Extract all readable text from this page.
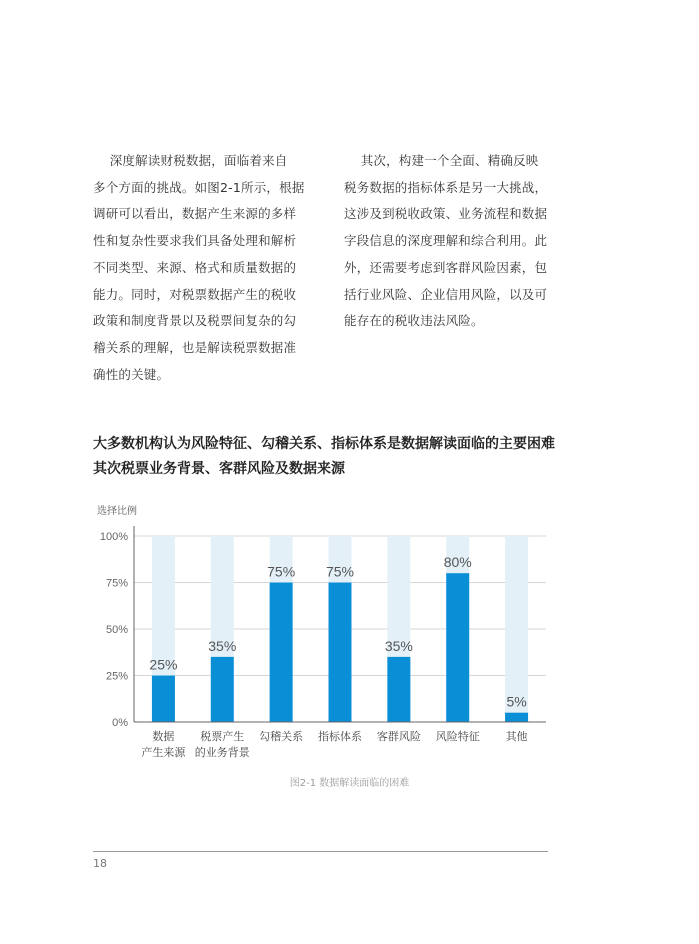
深度解读财税数据，面临着来自

多个方面的挑战。如图2-1所示，根据

调研可以看出，数据产生来源的多样

性和复杂性要求我们具备处理和解析

不同类型、来源、格式和质量数据的

能力。同时，对税票数据产生的税收

政策和制度背景以及税票间复杂的勾

稽关系的理解，也是解读税票数据准

确性的关键。

其次，构建一个全面、精确反映

税务数据的指标体系是另一大挑战，

这涉及到税收政策、业务流程和数据

字段信息的深度理解和综合利用。此

外，还需要考虑到客群风险因素，包

括行业风险、企业信用风险，以及可

能存在的税收违法风险。

大多数机构认为风险特征、勾稽关系、指标体系是数据解读面临的主要困难
其次税票业务背景、客群风险及数据来源
选择比例
0%
25%
50%
75%
100%
25%
数据
产生来源
35%
税票产生
的业务背景
75%
勾稽关系
75%
指标体系
35%
客群风险
80%
风险特征
5%
其他
图2-1 数据解读面临的困难
18
